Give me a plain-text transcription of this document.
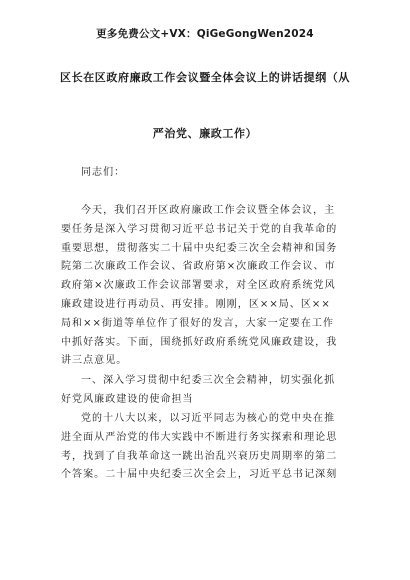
更多免费公文+VX：QiGeGongWen2024
区长在区政府廉政工作会议暨全体会议上的讲话提纲（从
严治党、廉政工作）
同志们：
今天，我们召开区政府廉政工作会议暨全体会议，主
要任务是深入学习贯彻习近平总书记关于党的自我革命的
重要思想，贯彻落实二十届中央纪委三次全会精神和国务
院第二次廉政工作会议、省政府第×次廉政工作会议、市
政府第×次廉政工作会议部署要求，对全区政府系统党风
廉政建设进行再动员、再安排。刚刚，区××局、区××
局和××街道等单位作了很好的发言，大家一定要在工作
中抓好落实。下面，围绕抓好政府系统党风廉政建设，我
讲三点意见。
一、深入学习贯彻中纪委三次全会精神，切实强化抓
好党风廉政建设的使命担当
党的十八大以来，以习近平同志为核心的党中央在推
进全面从严治党的伟大实践中不断进行务实探索和理论思
考，找到了自我革命这一跳出治乱兴衰历史周期率的第二
个答案。二十届中央纪委三次全会上，习近平总书记深刻
